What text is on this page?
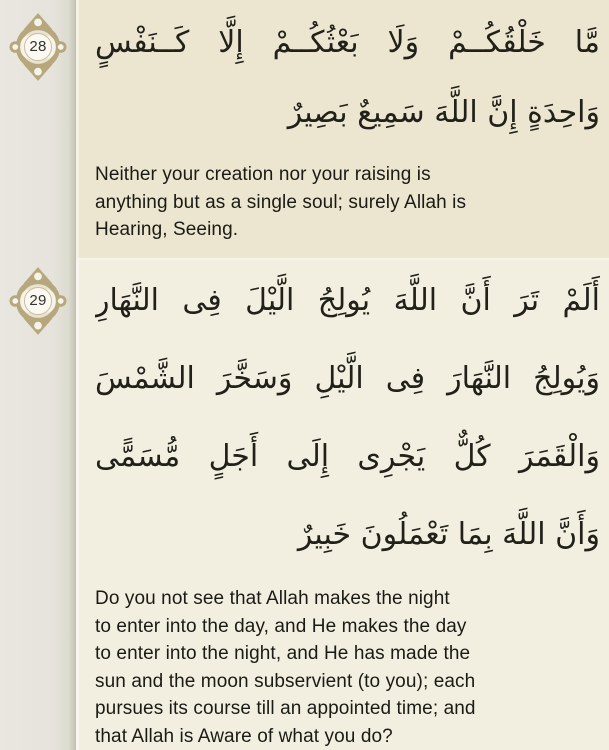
28
29
مَّا خَلْقُكُــمْ وَلَا بَعْثُكُــمْ إِلَّا كَــنَفْسٍ
وَاحِدَةٍ إِنَّ اللَّهَ سَمِيعٌ بَصِيرٌ
Neither your creation nor your raising is
anything but as a single soul; surely Allah is
Hearing, Seeing.
أَلَمْ تَرَ أَنَّ اللَّهَ يُولِجُ الَّيْلَ فِى النَّهَارِ
وَيُولِجُ النَّهَارَ فِى الَّيْلِ وَسَخَّرَ الشَّمْسَ
وَالْقَمَرَ كُلٌّ يَجْرِى إِلَى أَجَلٍ مُّسَمًّى
وَأَنَّ اللَّهَ بِمَا تَعْمَلُونَ خَبِيرٌ
Do you not see that Allah makes the night
to enter into the day, and He makes the day
to enter into the night, and He has made the
sun and the moon subservient (to you); each
pursues its course till an appointed time; and
that Allah is Aware of what you do?
